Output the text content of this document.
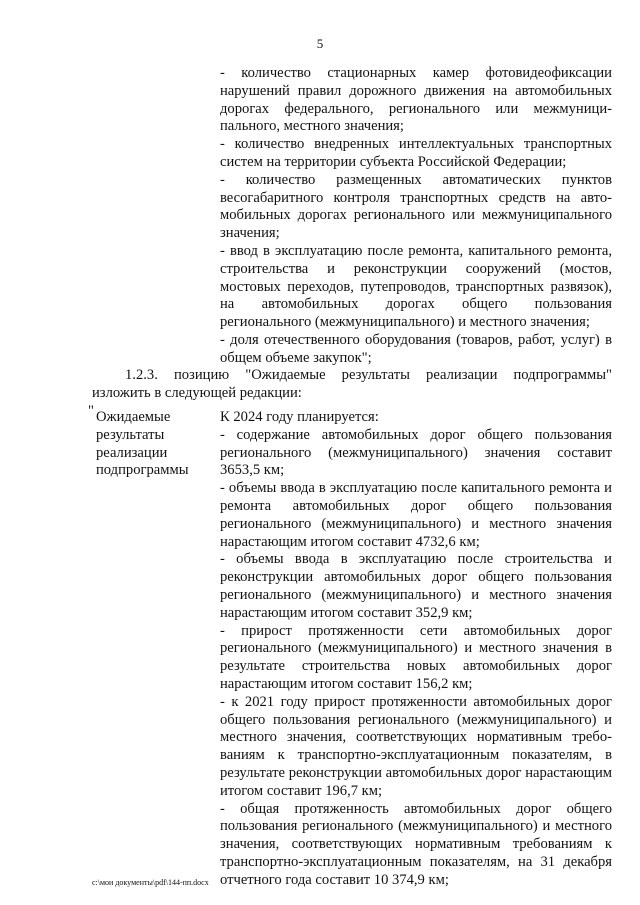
5

- количество стационарных камер фотовидеофиксации нарушений правил дорожного движения на автомобильных дорогах федерального, регионального или межмуниципального, местного значения;

- количество внедренных интеллектуальных транспортных систем на территории субъекта Российской Федерации;

- количество размещенных автоматических пунктов весогабаритного контроля транспортных средств на автомобильных дорогах регионального или межмуниципального значения;

- ввод в эксплуатацию после ремонта, капитального ремонта, строительства и реконструкции сооружений (мостов, мостовых переходов, путепроводов, транспортных развязок), на автомобильных дорогах общего пользования регионального (межмуниципального) и местного значения;

- доля отечественного оборудования (товаров, работ, услуг) в общем объеме закупок";

1.2.3. позицию "Ожидаемые результаты реализации подпрограммы" изложить в следующей редакции:

" Ожидаемые результаты реализации подпрограммы

К 2024 году планируется:

- содержание автомобильных дорог общего пользования регионального (межмуниципального) значения составит 3653,5 км;

- объемы ввода в эксплуатацию после капитального ремонта и ремонта автомобильных дорог общего пользования регионального (межмуниципального) и местного значения нарастающим итогом составит 4732,6 км;

- объемы ввода в эксплуатацию после строительства и реконструкции автомобильных дорог общего пользования регионального (межмуниципального) и местного значения нарастающим итогом составит 352,9 км;

- прирост протяженности сети автомобильных дорог регионального (межмуниципального) и местного значения в результате строительства новых автомобильных дорог нарастающим итогом составит 156,2 км;

- к 2021 году прирост протяженности автомобильных дорог общего пользования регионального (межмуниципального) и местного значения, соответствующих нормативным требованиям к транспортно-эксплуатационным показателям, в результате реконструкции автомобильных дорог нарастающим итогом составит 196,7 км;

- общая протяженность автомобильных дорог общего пользования регионального (межмуниципального) и местного значения, соответствующих нормативным требованиям к транспортно-эксплуатационным показателям, на 31 декабря отчетного года составит 10 374,9 км;

c:\мои документы\pdf\144-пп.docx
